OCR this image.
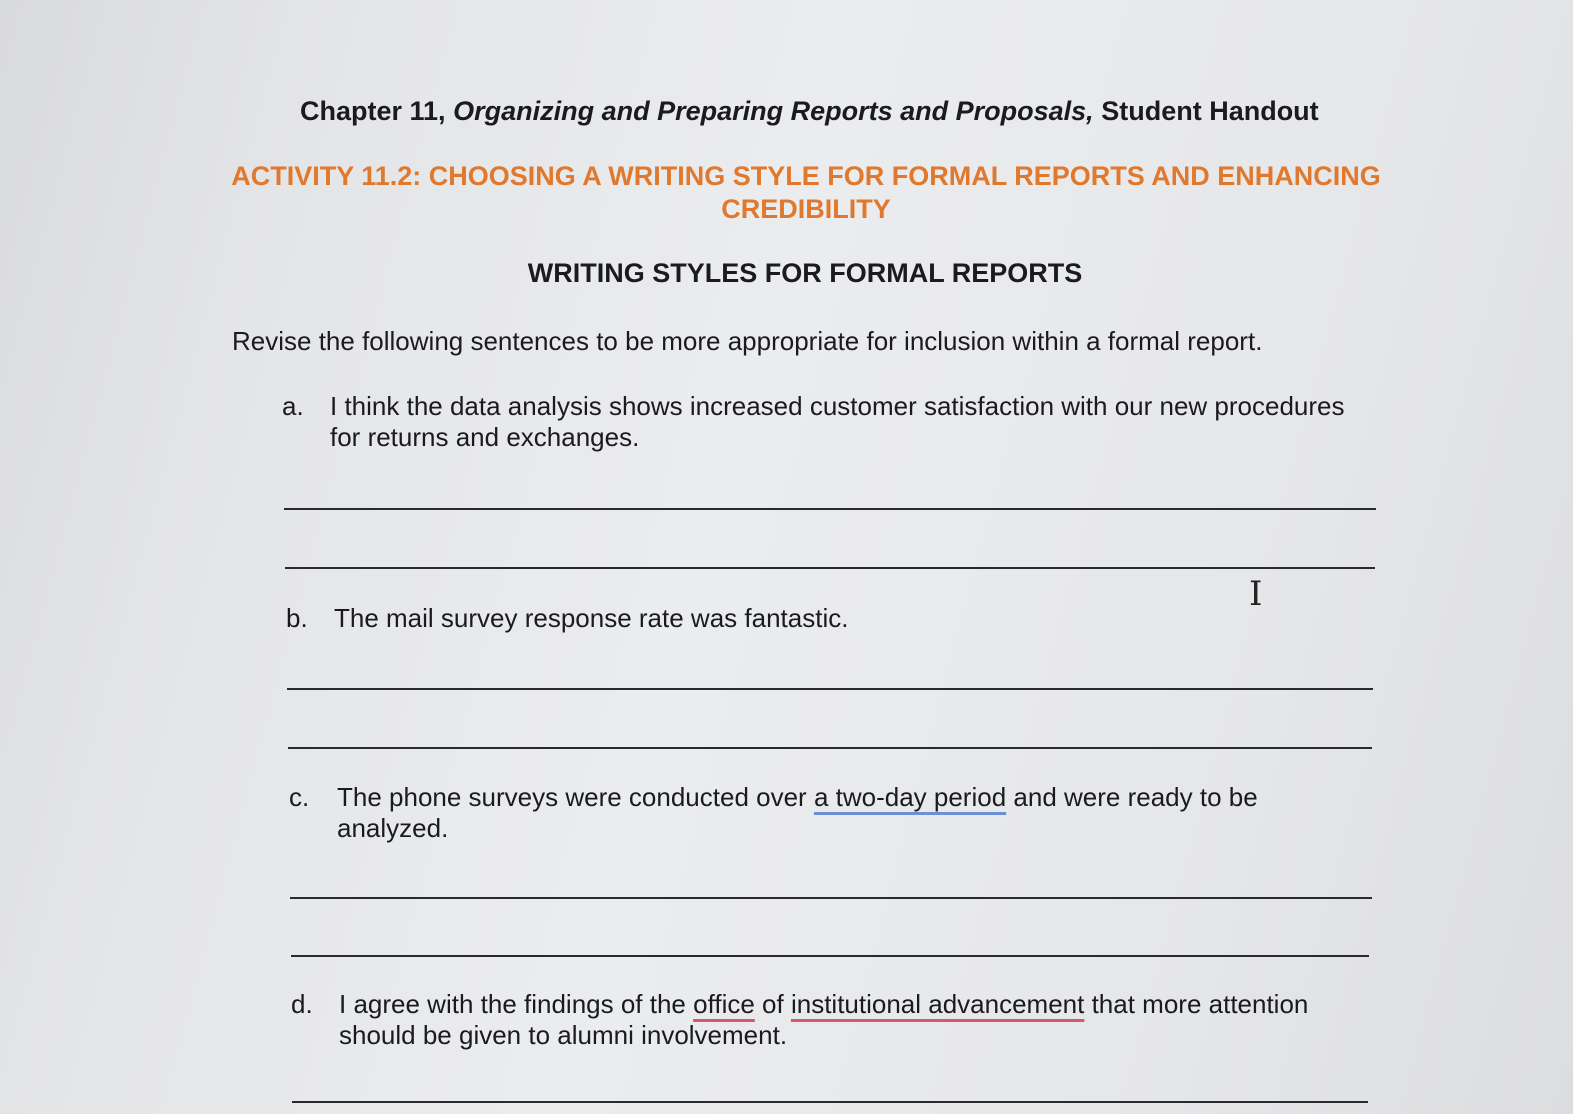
Chapter 11, Organizing and Preparing Reports and Proposals, Student Handout
ACTIVITY 11.2: CHOOSING A WRITING STYLE FOR FORMAL REPORTS AND ENHANCING
CREDIBILITY
WRITING STYLES FOR FORMAL REPORTS
Revise the following sentences to be more appropriate for inclusion within a formal report.
a. I think the data analysis shows increased customer satisfaction with our new procedures for returns and exchanges.
b. The mail survey response rate was fantastic.
c. The phone surveys were conducted over a two-day period and were ready to be analyzed.
d. I agree with the findings of the office of institutional advancement that more attention should be given to alumni involvement.
I
